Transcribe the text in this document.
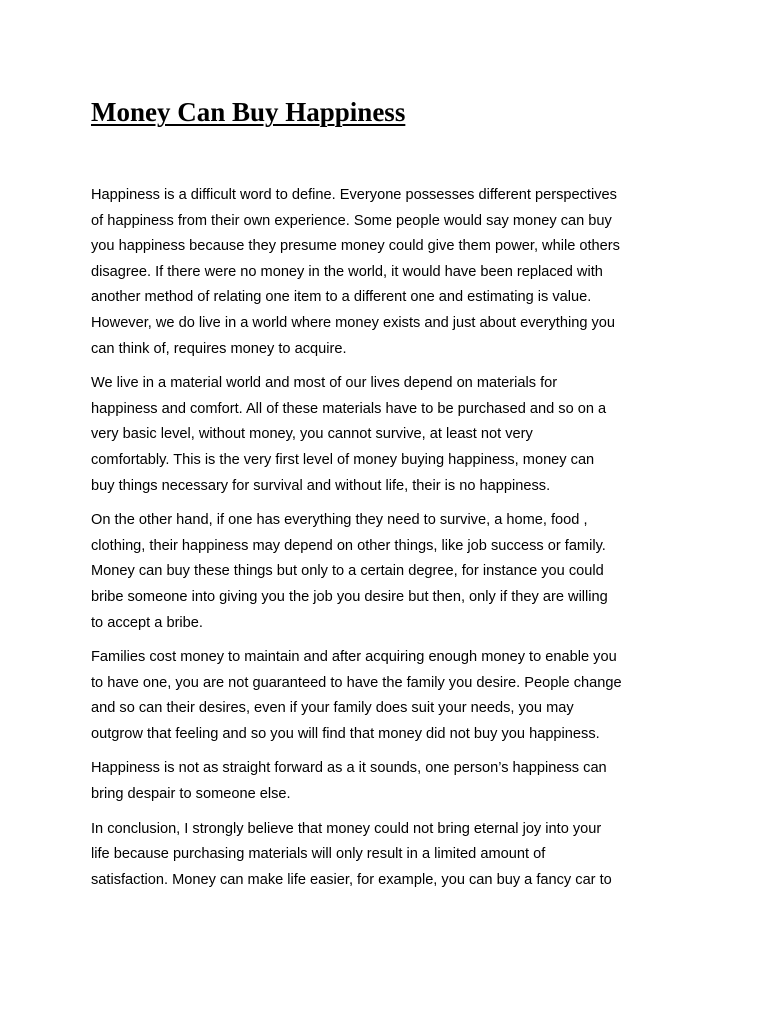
Money Can Buy Happiness

Happiness is a difficult word to define. Everyone possesses different perspectives
of happiness from their own experience. Some people would say money can buy
you happiness because they presume money could give them power, while others
disagree. If there were no money in the world, it would have been replaced with
another method of relating one item to a different one and estimating is value.
However, we do live in a world where money exists and just about everything you
can think of, requires money to acquire.

We live in a material world and most of our lives depend on materials for
happiness and comfort. All of these materials have to be purchased and so on a
very basic level, without money, you cannot survive, at least not very
comfortably. This is the very first level of money buying happiness, money can
buy things necessary for survival and without life, their is no happiness.

On the other hand, if one has everything they need to survive, a home, food ,
clothing, their happiness may depend on other things, like job success or family.
Money can buy these things but only to a certain degree, for instance you could
bribe someone into giving you the job you desire but then, only if they are willing
to accept a bribe.

Families cost money to maintain and after acquiring enough money to enable you
to have one, you are not guaranteed to have the family you desire. People change
and so can their desires, even if your family does suit your needs, you may
outgrow that feeling and so you will find that money did not buy you happiness.

Happiness is not as straight forward as a it sounds, one person’s happiness can
bring despair to someone else.

In conclusion, I strongly believe that money could not bring eternal joy into your
life because purchasing materials will only result in a limited amount of
satisfaction. Money can make life easier, for example, you can buy a fancy car to
